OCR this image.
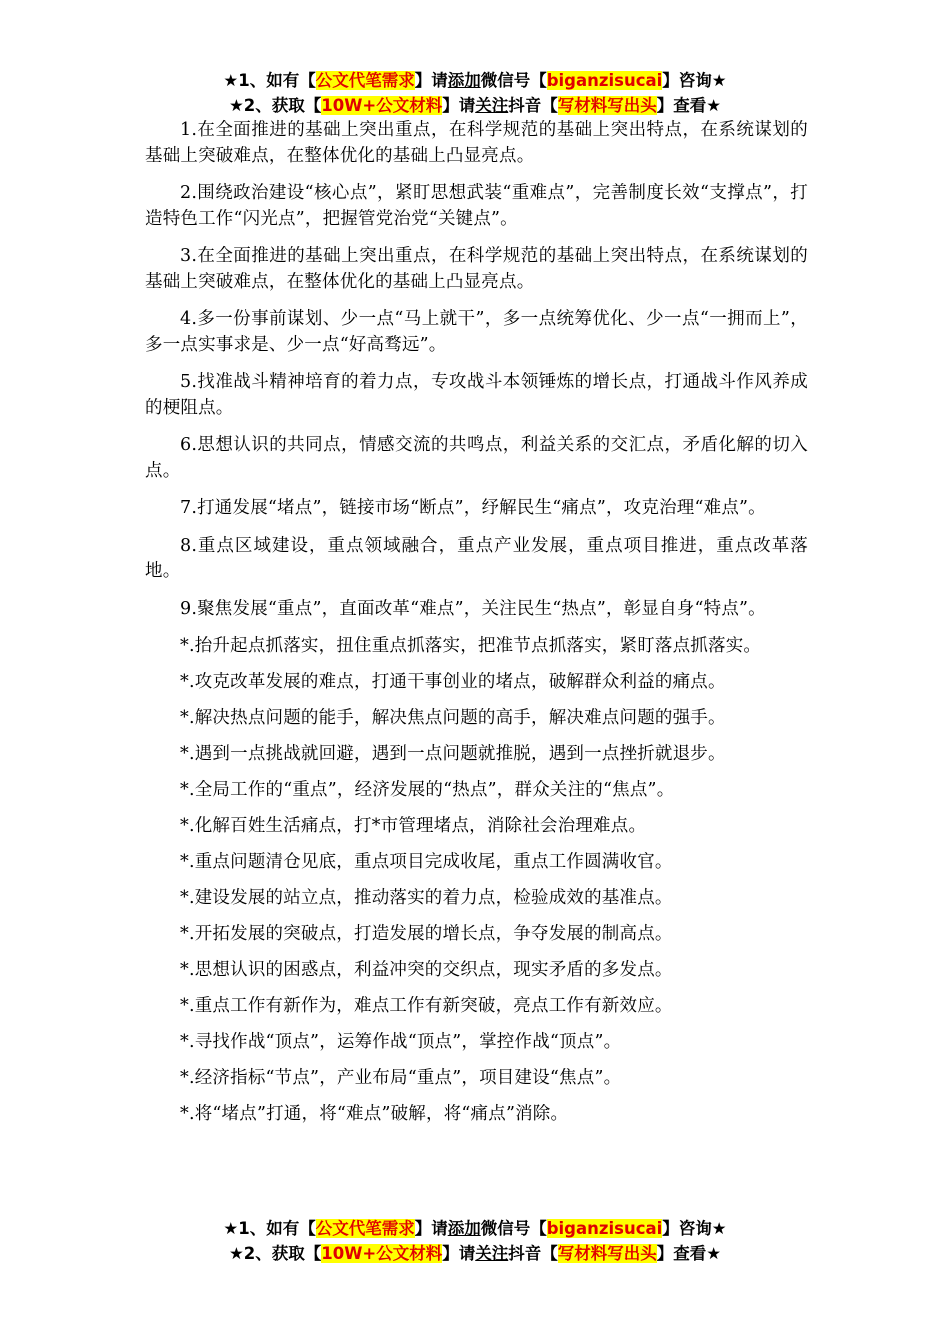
★1、如有【公文代笔需求】请添加微信号【biganzisucai】咨询★
★2、获取【10W+公文材料】请关注抖音【写材料写出头】查看★

1.在全面推进的基础上突出重点，在科学规范的基础上突出特点，在系统谋划的基础上突破难点，在整体优化的基础上凸显亮点。

2.围绕政治建设“核心点”，紧盯思想武装“重难点”，完善制度长效“支撑点”，打造特色工作“闪光点”，把握管党治党“关键点”。

3.在全面推进的基础上突出重点，在科学规范的基础上突出特点，在系统谋划的基础上突破难点，在整体优化的基础上凸显亮点。

4.多一份事前谋划、少一点“马上就干”，多一点统筹优化、少一点“一拥而上”，多一点实事求是、少一点“好高骛远”。

5.找准战斗精神培育的着力点，专攻战斗本领锤炼的增长点，打通战斗作风养成的梗阻点。

6.思想认识的共同点，情感交流的共鸣点，利益关系的交汇点，矛盾化解的切入点。

7.打通发展“堵点”，链接市场“断点”，纾解民生“痛点”，攻克治理“难点”。

8.重点区域建设，重点领域融合，重点产业发展，重点项目推进，重点改革落地。

9.聚焦发展“重点”，直面改革“难点”，关注民生“热点”，彰显自身“特点”。

*.抬升起点抓落实，扭住重点抓落实，把准节点抓落实，紧盯落点抓落实。

*.攻克改革发展的难点，打通干事创业的堵点，破解群众利益的痛点。

*.解决热点问题的能手，解决焦点问题的高手，解决难点问题的强手。

*.遇到一点挑战就回避，遇到一点问题就推脱，遇到一点挫折就退步。

*.全局工作的“重点”，经济发展的“热点”，群众关注的“焦点”。

*.化解百姓生活痛点，打*市管理堵点，消除社会治理难点。

*.重点问题清仓见底，重点项目完成收尾，重点工作圆满收官。

*.建设发展的站立点，推动落实的着力点，检验成效的基准点。

*.开拓发展的突破点，打造发展的增长点，争夺发展的制高点。

*.思想认识的困惑点，利益冲突的交织点，现实矛盾的多发点。

*.重点工作有新作为，难点工作有新突破，亮点工作有新效应。

*.寻找作战“顶点”，运筹作战“顶点”，掌控作战“顶点”。

*.经济指标“节点”，产业布局“重点”，项目建设“焦点”。

*.将“堵点”打通，将“难点”破解，将“痛点”消除。

★1、如有【公文代笔需求】请添加微信号【biganzisucai】咨询★
★2、获取【10W+公文材料】请关注抖音【写材料写出头】查看★
